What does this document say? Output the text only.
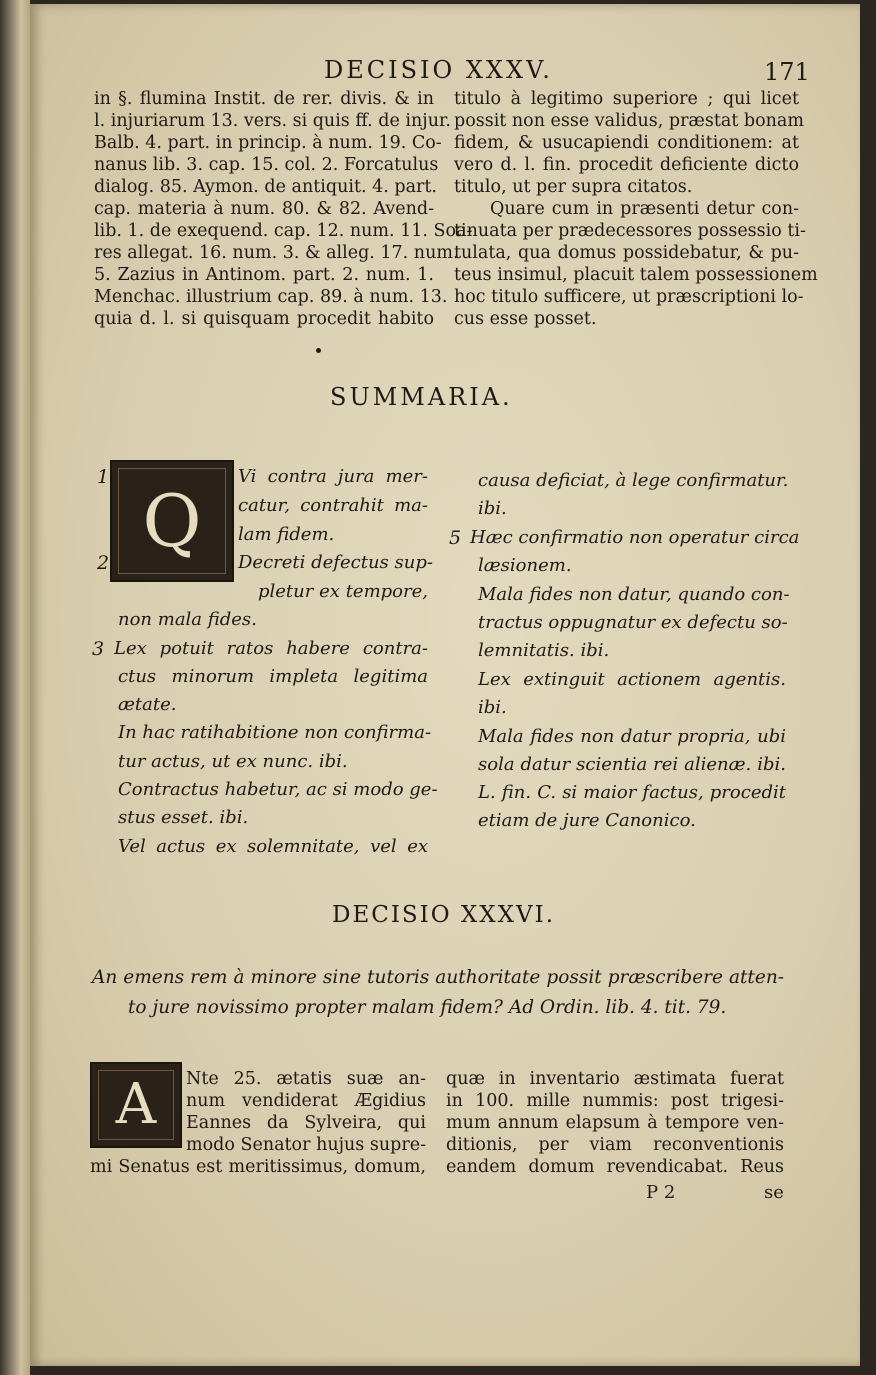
DECISIO XXXV.	171
in §. flumina Instit. de rer. divis. & in
l. injuriarum 13. vers. si quis ff. de injur.
Balb. 4. part. in princip. à num. 19. Co-
nanus lib. 3. cap. 15. col. 2. Forcatulus
dialog. 85. Aymon. de antiquit. 4. part.
cap. materia à num. 80. & 82. Avend-
lib. 1. de exequend. cap. 12. num. 11. Soa-
res allegat. 16. num. 3. & alleg. 17. num.
5. Zazius in Antinom. part. 2. num. 1.
Menchac. illustrium cap. 89. à num. 13.
quia d. l. si quisquam procedit habito
titulo à legitimo superiore ; qui licet
possit non esse validus, præstat bonam
fidem, & usucapiendi conditionem: at
vero d. l. fin. procedit deficiente dicto
titulo, ut per supra citatos.
Quare cum in præsenti detur con-
tinuata per prædecessores possessio ti-
tulata, qua domus possidebatur, & pu-
teus insimul, placuit talem possessionem
hoc titulo sufficere, ut præscriptioni lo-
cus esse posset.
SUMMARIA.
Q
1
2
3
5
Vi contra jura mer-
catur, contrahit ma-
lam fidem.
Decreti defectus sup-
pletur ex tempore,
non mala fides.
Lex potuit ratos habere contra-
ctus minorum impleta legitima
ætate.
In hac ratihabitione non confirma-
tur actus, ut ex nunc. ibi.
Contractus habetur, ac si modo ge-
stus esset. ibi.
Vel actus ex solemnitate, vel ex
causa deficiat, à lege confirmatur.
ibi.
Hæc confirmatio non operatur circa
læsionem.
Mala fides non datur, quando con-
tractus oppugnatur ex defectu so-
lemnitatis. ibi.
Lex extinguit actionem agentis.
ibi.
Mala fides non datur propria, ubi
sola datur scientia rei alienæ. ibi.
L. fin. C. si maior factus, procedit
etiam de jure Canonico.
DECISIO XXXVI.
An emens rem à minore sine tutoris authoritate possit præscribere atten-
to jure novissimo propter malam fidem? Ad Ordin. lib. 4. tit. 79.
A	Nte 25. ætatis suæ an-
num vendiderat Ægidius
Eannes da Sylveira, qui
modo Senator hujus supre-
mi Senatus est meritissimus, domum,
quæ in inventario æstimata fuerat
in 100. mille nummis: post trigesi-
mum annum elapsum à tempore ven-
ditionis, per viam reconventionis
eandem domum revendicabat. Reus
P 2	se
